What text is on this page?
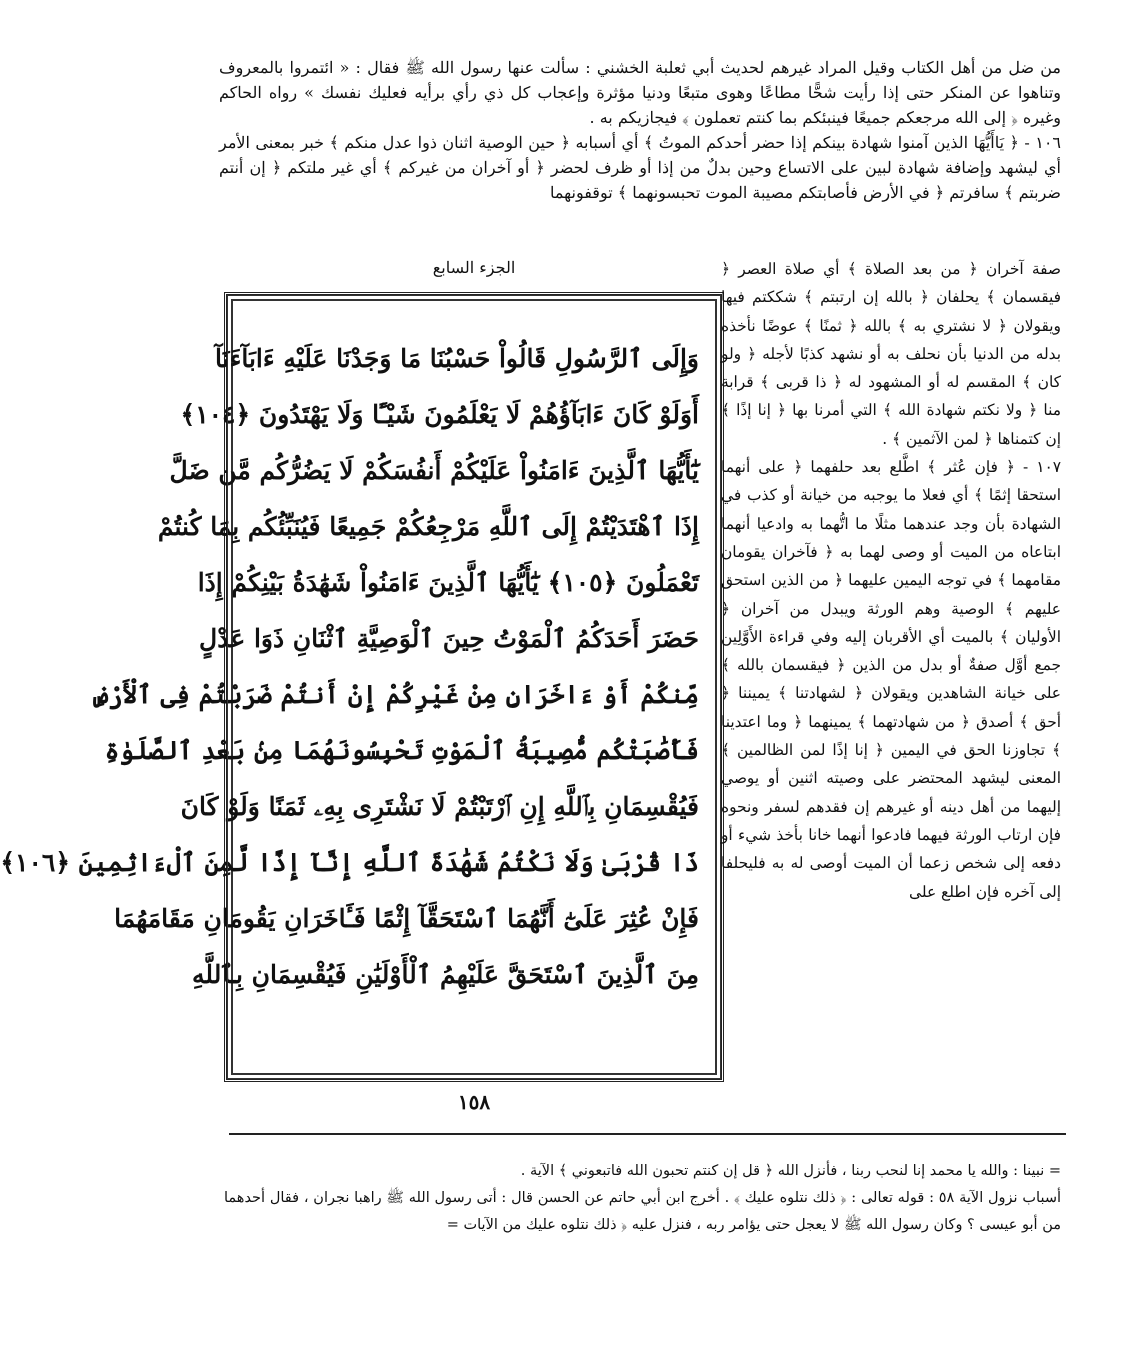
من ضل من أهل الكتاب وقيل المراد غيرهم لحديث أبي ثعلبة الخشني : سألت عنها رسول الله ﷺ فقال : « ائتمروا بالمعروف وتناهوا عن المنكر حتى إذا رأيت شحًّا مطاعًا وهوى متبعًا ودنيا مؤثرة وإعجاب كل ذي رأي برأيه فعليك نفسك » رواه الحاكم وغيره ﴿ إلى الله مرجعكم جميعًا فينبئكم بما كنتم تعملون ﴾ فيجازيكم به .

١٠٦ - ﴿ يَاأَيُّهَا الذين آمنوا شهادة بينكم إذا حضر أحدكم الموتُ ﴾ أي أسبابه ﴿ حين الوصية اثنان ذوا عدل منكم ﴾ خبر بمعنى الأمر أي ليشهد وإضافة شهادة لبين على الاتساع وحين بدلٌ من إذا أو ظرف لحضر ﴿ أو آخران من غيركم ﴾ أي غير ملتكم ﴿ إن أنتم ضربتم ﴾ سافرتم ﴿ في الأرض فأصابتكم مصيبة الموت تحبسونهما ﴾ توقفونهما

الجزء السابع
وَإِلَى ٱلرَّسُولِ قَالُواْ حَسْبُنَا مَا وَجَدْنَا عَلَيْهِ ءَابَآءَنَآ
أَوَلَوْ كَانَ ءَابَآؤُهُمْ لَا يَعْلَمُونَ شَيْـًٔا وَلَا يَهْتَدُونَ ﴿١٠٤﴾
يَٰٓأَيُّهَا ٱلَّذِينَ ءَامَنُواْ عَلَيْكُمْ أَنفُسَكُمْ لَا يَضُرُّكُم مَّن ضَلَّ
إِذَا ٱهْتَدَيْتُمْ إِلَى ٱللَّهِ مَرْجِعُكُمْ جَمِيعًا فَيُنَبِّئُكُم بِمَا كُنتُمْ
تَعْمَلُونَ ﴿١٠٥﴾ يَٰٓأَيُّهَا ٱلَّذِينَ ءَامَنُواْ شَهَٰدَةُ بَيْنِكُمْ إِذَا
حَضَرَ أَحَدَكُمُ ٱلْمَوْتُ حِينَ ٱلْوَصِيَّةِ ٱثْنَانِ ذَوَا عَدْلٍ
مِّنكُمْ أَوْ ءَاخَرَانِ مِنْ غَيْرِكُمْ إِنْ أَنتُمْ ضَرَبْتُمْ فِى ٱلْأَرْضِ
فَأَصَٰبَتْكُم مُّصِيبَةُ ٱلْمَوْتِ تَحْبِسُونَهُمَا مِنۢ بَعْدِ ٱلصَّلَوٰةِ
فَيُقْسِمَانِ بِٱللَّهِ إِنِ ٱرْتَبْتُمْ لَا نَشْتَرِى بِهِۦ ثَمَنًا وَلَوْ كَانَ
ذَا قُرْبَىٰ وَلَا نَكْتُمُ شَهَٰدَةَ ٱللَّهِ إِنَّآ إِذًا لَّمِنَ ٱلْءَاثِمِينَ ﴿١٠٦﴾
فَإِنْ عُثِرَ عَلَىٰٓ أَنَّهُمَا ٱسْتَحَقَّآ إِثْمًا فَـَٔاخَرَانِ يَقُومَانِ مَقَامَهُمَا
مِنَ ٱلَّذِينَ ٱسْتَحَقَّ عَلَيْهِمُ ٱلْأَوْلَيَٰنِ فَيُقْسِمَانِ بِٱللَّهِ

صفة آخران ﴿ من بعد الصلاة ﴾ أي صلاة العصر ﴿ فيقسمان ﴾ يحلفان ﴿ بالله إن ارتبتم ﴾ شككتم فيها ويقولان ﴿ لا نشتري به ﴾ بالله ﴿ ثمنًا ﴾ عوضًا نأخذه بدله من الدنيا بأن نحلف به أو نشهد كذبًا لأجله ﴿ ولو كان ﴾ المقسم له أو المشهود له ﴿ ذا قربى ﴾ قرابة منا ﴿ ولا نكتم شهادة الله ﴾ التي أمرنا بها ﴿ إنا إذًا ﴾ إن كتمناها ﴿ لمن الآثمين ﴾ .

١٠٧ - ﴿ فإن عُثر ﴾ اطَّلع بعد حلفهما ﴿ على أنهما استحقا إثمًا ﴾ أي فعلا ما يوجبه من خيانة أو كذب في الشهادة بأن وجد عندهما مثلًا ما اتُّهما به وادعيا أنهما ابتاعاه من الميت أو وصى لهما به ﴿ فآخران يقومان مقامهما ﴾ في توجه اليمين عليهما ﴿ من الذين استحق عليهم ﴾ الوصية وهم الورثة ويبدل من آخران ﴿ الأوليان ﴾ بالميت أي الأقربان إليه وفي قراءة الأَوَّلِين جمع أوَّل صفةٌ أو بدل من الذين ﴿ فيقسمان بالله ﴾ على خيانة الشاهدين ويقولان ﴿ لشهادتنا ﴾ يميننا ﴿ أحق ﴾ أصدق ﴿ من شهادتهما ﴾ يمينهما ﴿ وما اعتدينا ﴾ تجاوزنا الحق في اليمين ﴿ إنا إذًا لمن الظالمين ﴾ المعنى ليشهد المحتضر على وصيته اثنين أو يوصي إليهما من أهل دينه أو غيرهم إن فقدهم لسفر ونحوه فإن ارتاب الورثة فيهما فادعوا أنهما خانا بأخذ شيء أو دفعه إلى شخص زعما أن الميت أوصى له به فليحلفا إلى آخره فإن اطلع على

١٥٨

= نبينا : والله يا محمد إنا لنحب ربنا ، فأنزل الله ﴿ قل إن كنتم تحبون الله فاتبعوني ﴾ الآية .

أسباب نزول الآية ٥٨ : قوله تعالى : ﴿ ذلك نتلوه عليك ﴾ . أخرج ابن أبي حاتم عن الحسن قال : أتى رسول الله ﷺ راهبا نجران ، فقال أحدهما من أبو عيسى ؟ وكان رسول الله ﷺ لا يعجل حتى يؤامر ربه ، فنزل عليه ﴿ ذلك نتلوه عليك من الآيات =
